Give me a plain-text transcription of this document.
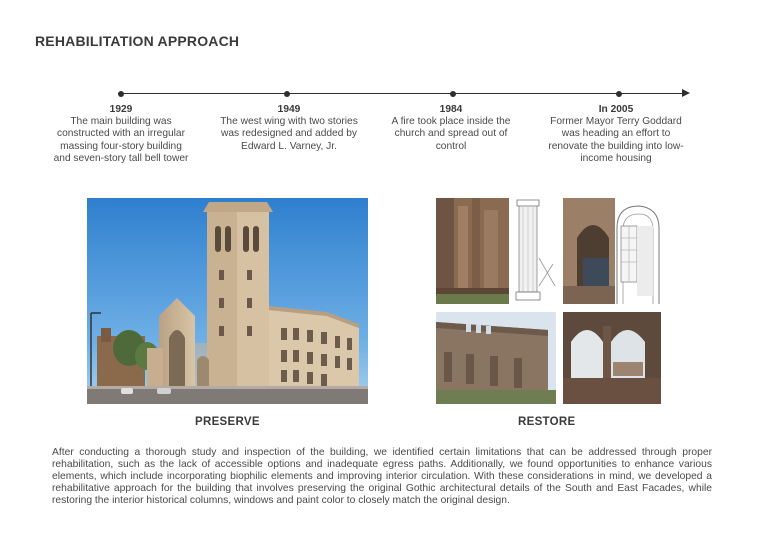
REHABILITATION APPROACH
1929
The main building was constructed with an irregular massing four-story building and seven-story tall bell tower
1949
The west wing with two stories was redesigned and added by Edward L. Varney, Jr.
1984
A fire took place inside the church and spread out of control
In 2005
Former Mayor Terry Goddard was heading an effort to renovate the building into low-income housing
PRESERVE	RESTORE
After conducting a thorough study and inspection of the building, we identified certain limitations that can be addressed through proper rehabilitation, such as the lack of accessible options and inadequate egress paths. Additionally, we found opportunities to enhance various elements, which include incorporating biophilic elements and improving interior circulation. With these considerations in mind, we developed a rehabilitative approach for the building that involves preserving the original Gothic architectural details of the South and East Facades, while restoring the interior historical columns, windows and paint color to closely match the original design.
